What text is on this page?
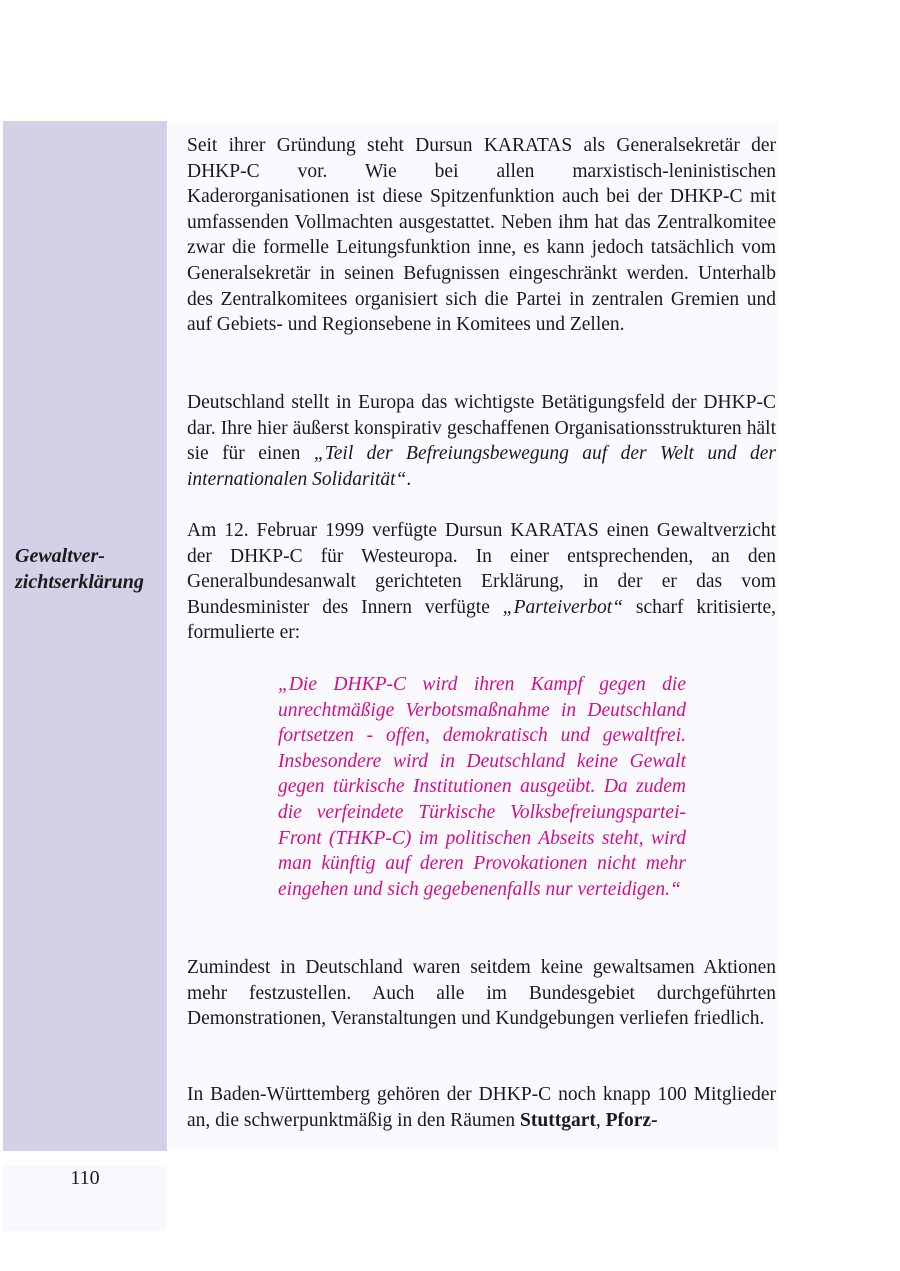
Gewaltver-
zichtserklärung

Seit ihrer Gründung steht Dursun KARATAS als Generalsekretär der DHKP-C vor. Wie bei allen marxistisch-leninistischen Kaderorganisationen ist diese Spitzenfunktion auch bei der DHKP-C mit umfassenden Vollmachten ausgestattet. Neben ihm hat das Zentralkomitee zwar die formelle Leitungsfunktion inne, es kann jedoch tatsächlich vom Generalsekretär in seinen Befugnissen eingeschränkt werden. Unterhalb des Zentralkomitees organisiert sich die Partei in zentralen Gremien und auf Gebiets- und Regionsebene in Komitees und Zellen.

Deutschland stellt in Europa das wichtigste Betätigungsfeld der DHKP-C dar. Ihre hier äußerst konspirativ geschaffenen Organisationsstrukturen hält sie für einen „Teil der Befreiungsbewegung auf der Welt und der internationalen Solidarität“.

Am 12. Februar 1999 verfügte Dursun KARATAS einen Gewaltverzicht der DHKP-C für Westeuropa. In einer entsprechenden, an den Generalbundesanwalt gerichteten Erklärung, in der er das vom Bundesminister des Innern verfügte „Parteiverbot“ scharf kritisierte, formulierte er:

„Die DHKP-C wird ihren Kampf gegen die unrechtmäßige Verbotsmaßnahme in Deutschland fortsetzen - offen, demokratisch und gewaltfrei. Insbesondere wird in Deutschland keine Gewalt gegen türkische Institutionen ausgeübt. Da zudem die verfeindete Türkische Volksbefreiungspartei-Front (THKP-C) im politischen Abseits steht, wird man künftig auf deren Provokationen nicht mehr eingehen und sich gegebenenfalls nur verteidigen.“

Zumindest in Deutschland waren seitdem keine gewaltsamen Aktionen mehr festzustellen. Auch alle im Bundesgebiet durchgeführten Demonstrationen, Veranstaltungen und Kundgebungen verliefen friedlich.

In Baden-Württemberg gehören der DHKP-C noch knapp 100 Mitglieder an, die schwerpunktmäßig in den Räumen Stuttgart, Pforz-

110
